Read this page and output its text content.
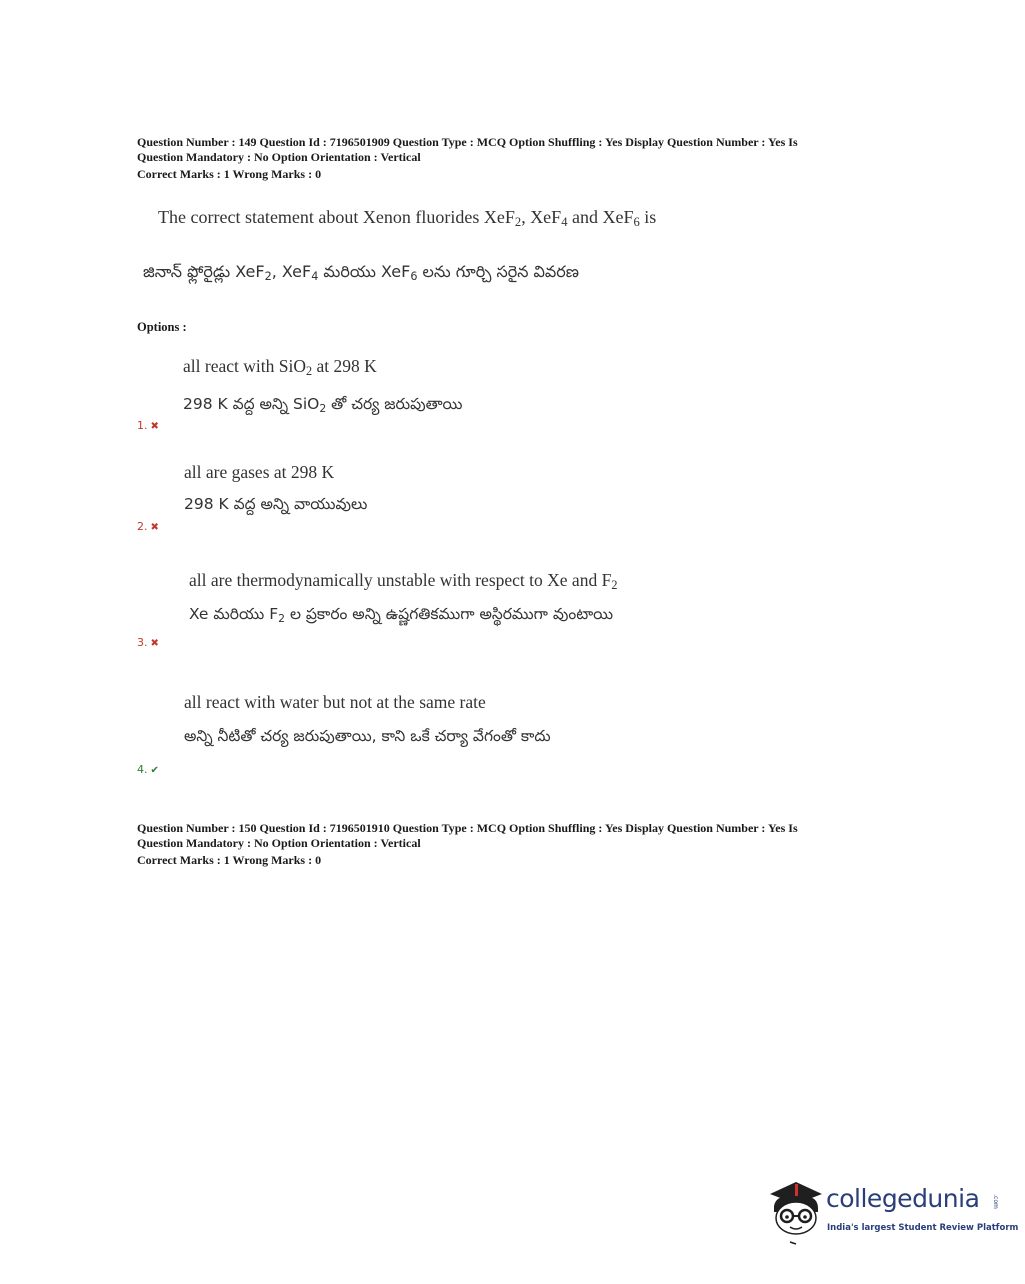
Question Number : 149 Question Id : 7196501909 Question Type : MCQ Option Shuffling : Yes Display Question Number : Yes Is
Question Mandatory : No Option Orientation : Vertical
Correct Marks : 1 Wrong Marks : 0
The correct statement about Xenon fluorides XeF$_2$, XeF$_4$ and XeF$_6$ is
జినాన్ ఫ్లోరైడ్లు XeF$_2$, XeF$_4$ మరియు XeF$_6$ లను గూర్చి సరైన వివరణ
Options :
all react with SiO$_2$ at 298 K
298 K వద్ద అన్ని SiO$_2$ తో చర్య జరుపుతాయి
1. ✖
all are gases at 298 K
298 K వద్ద అన్ని వాయువులు
2. ✖
all are thermodynamically unstable with respect to Xe and $F_2$
Xe మరియు $F_2$ ల ప్రకారం అన్ని ఉష్ణగతికముగా అస్థిరముగా వుంటాయి
3. ✖
all react with water but not at the same rate
అన్ని నీటితో చర్య జరుపుతాయి, కాని ఒకే చర్యా వేగంతో కాదు
4. ✔
Question Number : 150 Question Id : 7196501910 Question Type : MCQ Option Shuffling : Yes Display Question Number : Yes Is
Question Mandatory : No Option Orientation : Vertical
Correct Marks : 1 Wrong Marks : 0
collegedunia .com
India's largest Student Review Platform
